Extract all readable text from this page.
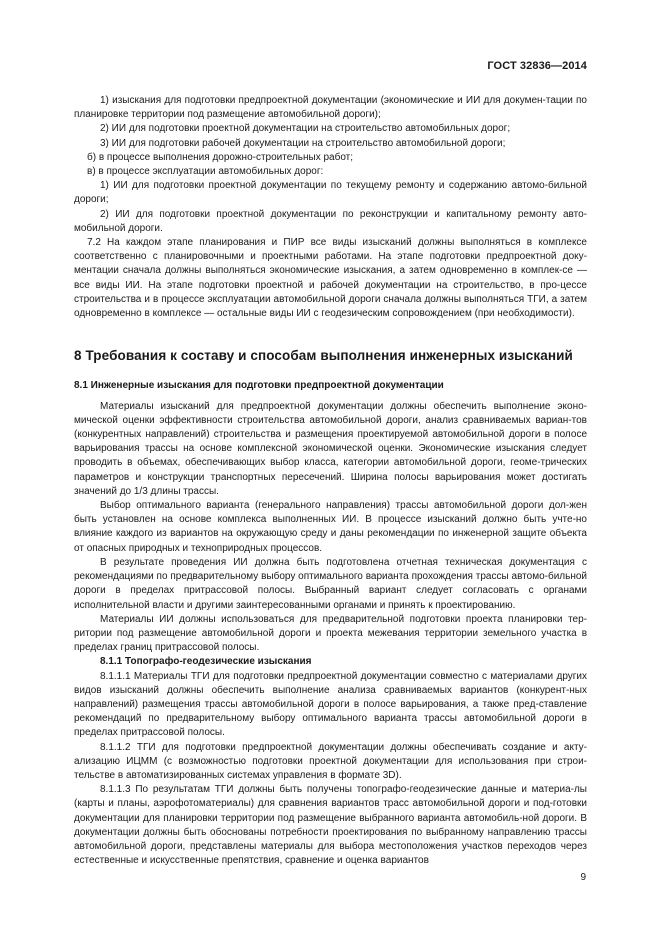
ГОСТ 32836—2014

1) изыскания для подготовки предпроектной документации (экономические и ИИ для докумен-тации по планировке территории под размещение автомобильной дороги);

2) ИИ для подготовки проектной документации на строительство автомобильных дорог;

3) ИИ для подготовки рабочей документации на строительство автомобильной дороги;

б) в процессе выполнения дорожно-строительных работ;

в) в процессе эксплуатации автомобильных дорог:

1) ИИ для подготовки проектной документации по текущему ремонту и содержанию автомо-бильной дороги;

2) ИИ для подготовки проектной документации по реконструкции и капитальному ремонту авто-мобильной дороги.

7.2 На каждом этапе планирования и ПИР все виды изысканий должны выполняться в комплексе соответственно с планировочными и проектными работами. На этапе подготовки предпроектной доку-ментации сначала должны выполняться экономические изыскания, а затем одновременно в комплек-се — все виды ИИ. На этапе подготовки проектной и рабочей документации на строительство, в про-цессе строительства и в процессе эксплуатации автомобильной дороги сначала должны выполняться ТГИ, а затем одновременно в комплексе — остальные виды ИИ с геодезическим сопровождением (при необходимости).

8 Требования к составу и способам выполнения инженерных изысканий
8.1 Инженерные изыскания для подготовки предпроектной документации

Материалы изысканий для предпроектной документации должны обеспечить выполнение эконо-мической оценки эффективности строительства автомобильной дороги, анализ сравниваемых вариан-тов (конкурентных направлений) строительства и размещения проектируемой автомобильной дороги в полосе варьирования трассы на основе комплексной экономической оценки. Экономические изыскания следует проводить в объемах, обеспечивающих выбор класса, категории автомобильной дороги, геоме-трических параметров и конструкции транспортных пересечений. Ширина полосы варьирования может достигать значений до 1/3 длины трассы.

Выбор оптимального варианта (генерального направления) трассы автомобильной дороги дол-жен быть установлен на основе комплекса выполненных ИИ. В процессе изысканий должно быть учте-но влияние каждого из вариантов на окружающую среду и даны рекомендации по инженерной защите объекта от опасных природных и техноприродных процессов.

В результате проведения ИИ должна быть подготовлена отчетная техническая документация с рекомендациями по предварительному выбору оптимального варианта прохождения трассы автомо-бильной дороги в пределах притрассовой полосы. Выбранный вариант следует согласовать с органами исполнительной власти и другими заинтересованными органами и принять к проектированию.

Материалы ИИ должны использоваться для предварительной подготовки проекта планировки тер-ритории под размещение автомобильной дороги и проекта межевания территории земельного участка в пределах границ притрассовой полосы.

8.1.1 Топографо-геодезические изыскания

8.1.1.1 Материалы ТГИ для подготовки предпроектной документации совместно с материалами других видов изысканий должны обеспечить выполнение анализа сравниваемых вариантов (конкурент-ных направлений) размещения трассы автомобильной дороги в полосе варьирования, а также пред-ставление рекомендаций по предварительному выбору оптимального варианта трассы автомобильной дороги в пределах притрассовой полосы.

8.1.1.2 ТГИ для подготовки предпроектной документации должны обеспечивать создание и акту-ализацию ИЦММ (с возможностью подготовки проектной документации для использования при строи-тельстве в автоматизированных системах управления в формате 3D).

8.1.1.3 По результатам ТГИ должны быть получены топографо-геодезические данные и материа-лы (карты и планы, аэрофотоматериалы) для сравнения вариантов трасс автомобильной дороги и под-готовки документации для планировки территории под размещение выбранного варианта автомобиль-ной дороги. В документации должны быть обоснованы потребности проектирования по выбранному направлению трассы автомобильной дороги, представлены материалы для выбора местоположения участков переходов через естественные и искусственные препятствия, сравнение и оценка вариантов

9
